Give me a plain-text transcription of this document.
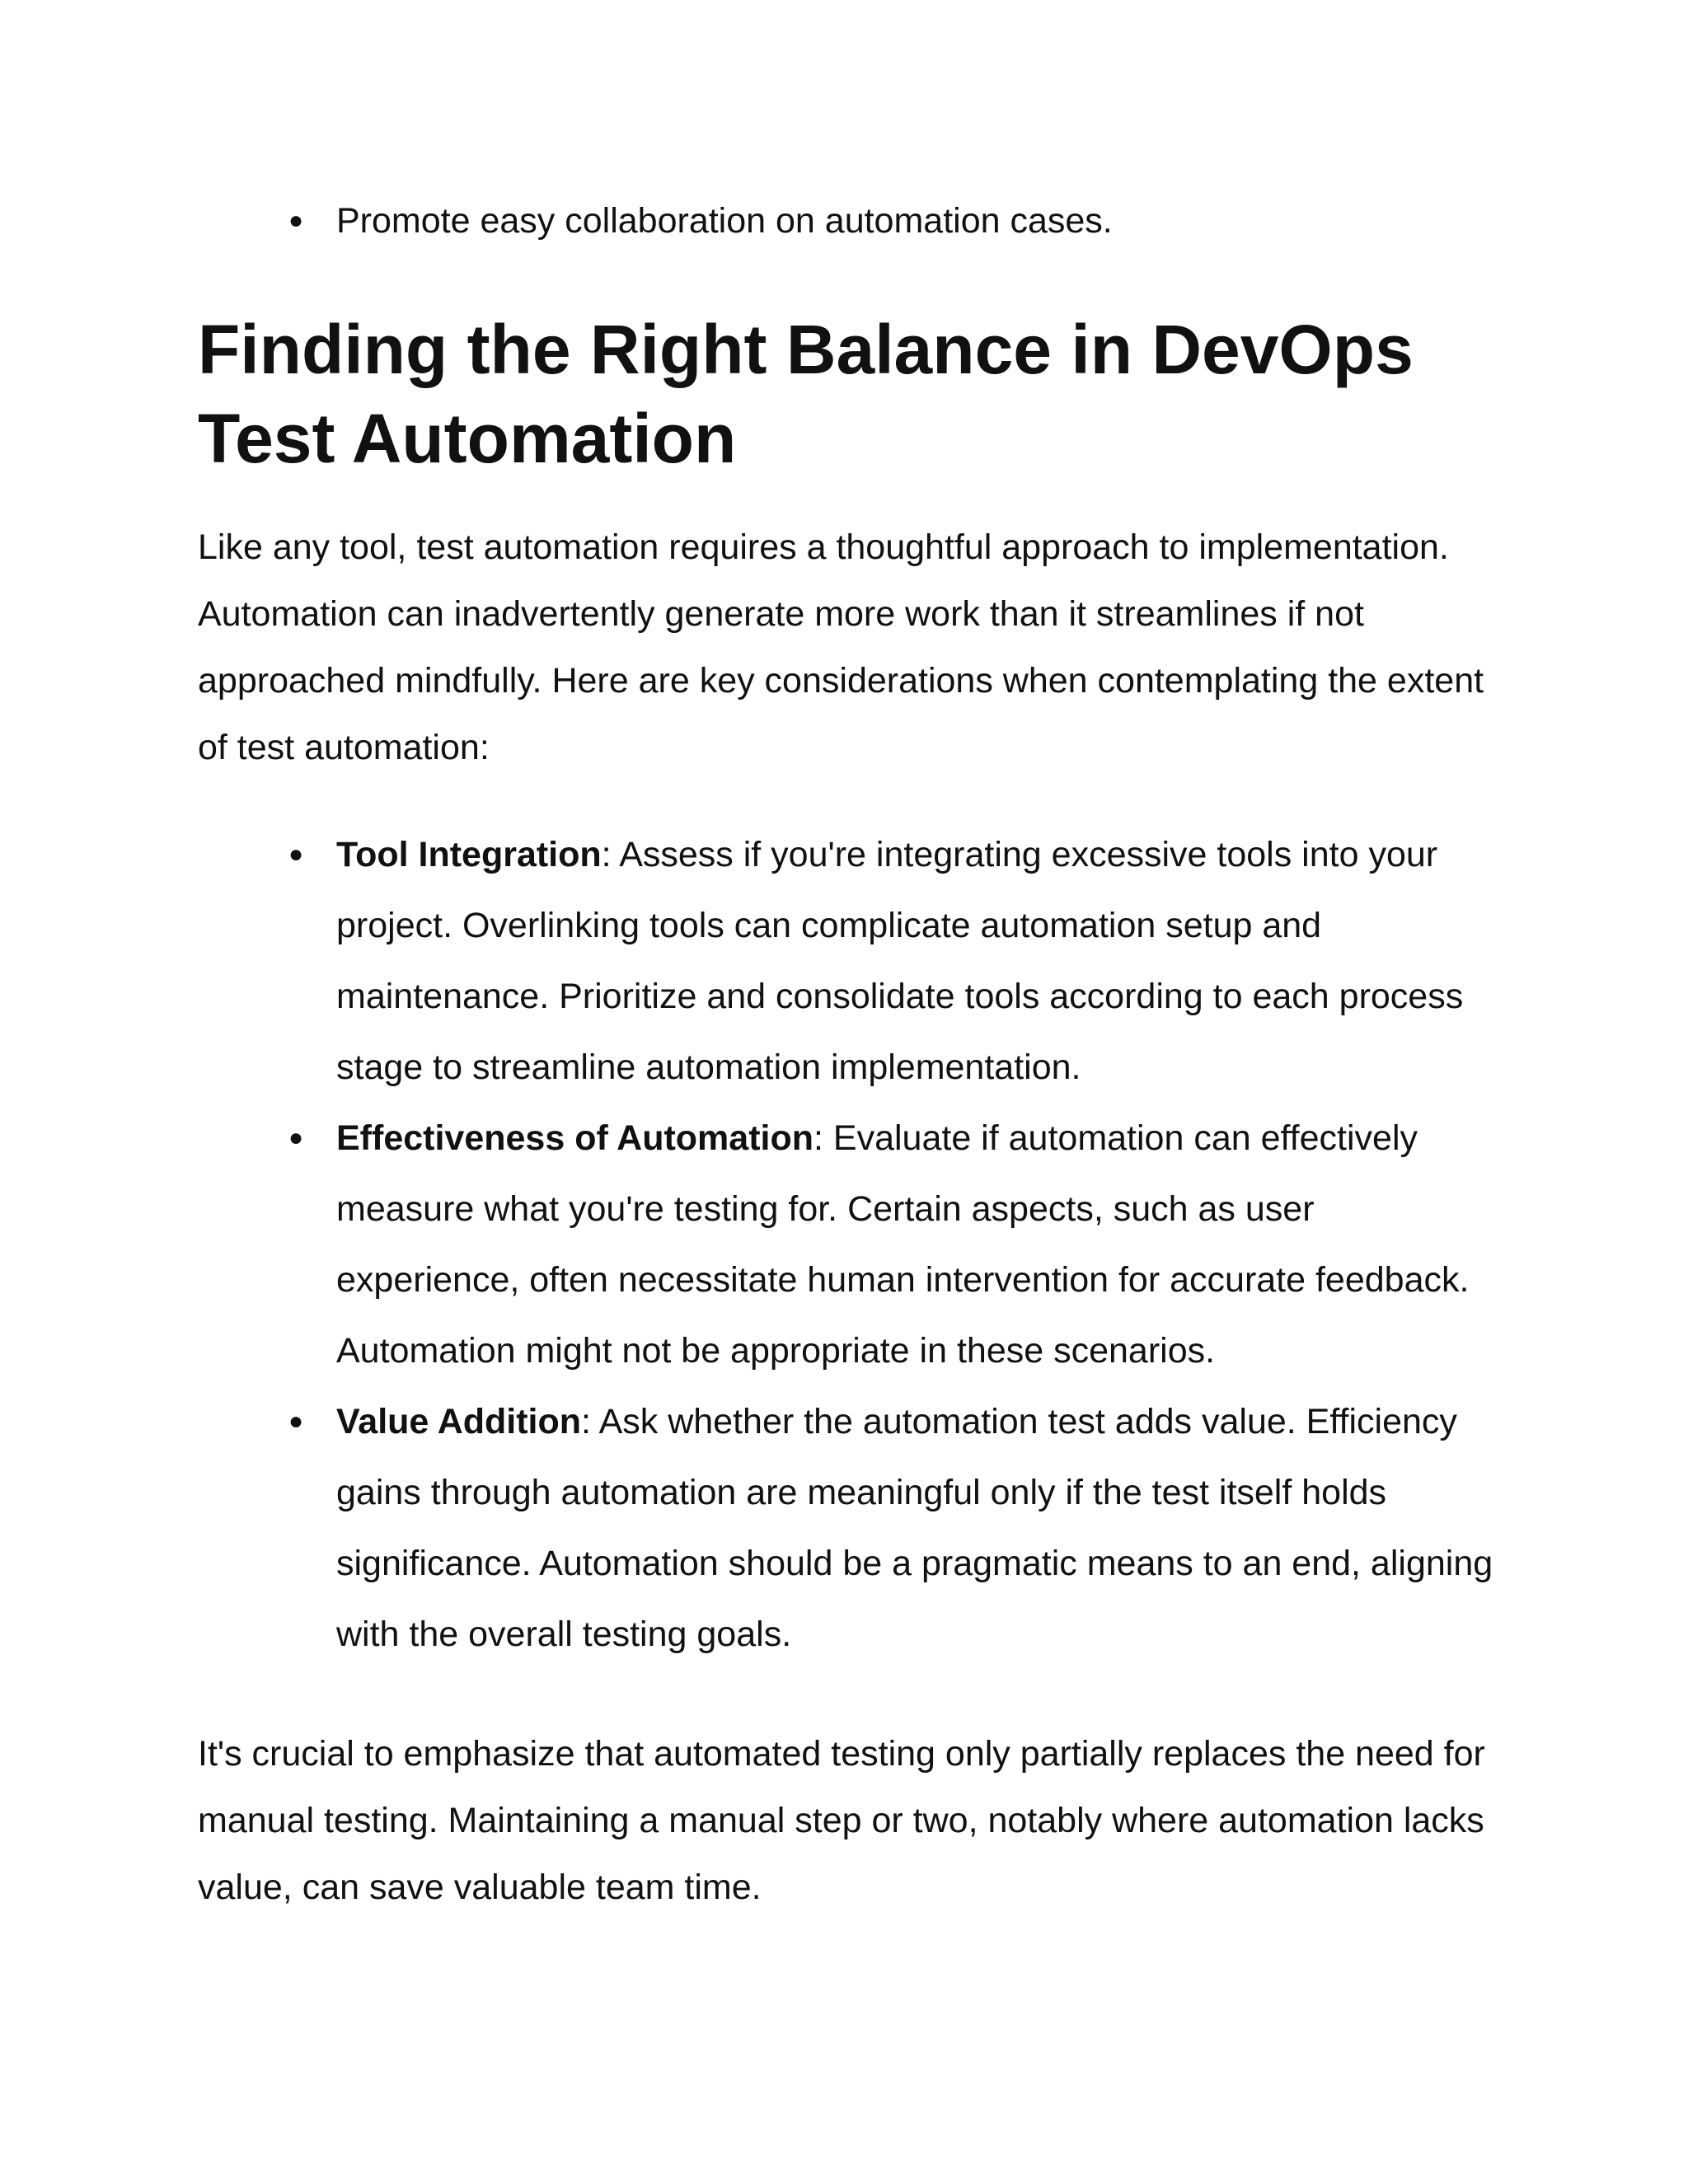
● Promote easy collaboration on automation cases.
Finding the Right Balance in DevOps Test Automation

Like any tool, test automation requires a thoughtful approach to implementation. Automation can inadvertently generate more work than it streamlines if not approached mindfully. Here are key considerations when contemplating the extent of test automation:

● Tool Integration: Assess if you're integrating excessive tools into your project. Overlinking tools can complicate automation setup and maintenance. Prioritize and consolidate tools according to each process stage to streamline automation implementation.
● Effectiveness of Automation: Evaluate if automation can effectively measure what you're testing for. Certain aspects, such as user experience, often necessitate human intervention for accurate feedback. Automation might not be appropriate in these scenarios.
● Value Addition: Ask whether the automation test adds value. Efficiency gains through automation are meaningful only if the test itself holds significance. Automation should be a pragmatic means to an end, aligning with the overall testing goals.

It's crucial to emphasize that automated testing only partially replaces the need for manual testing. Maintaining a manual step or two, notably where automation lacks value, can save valuable team time.
